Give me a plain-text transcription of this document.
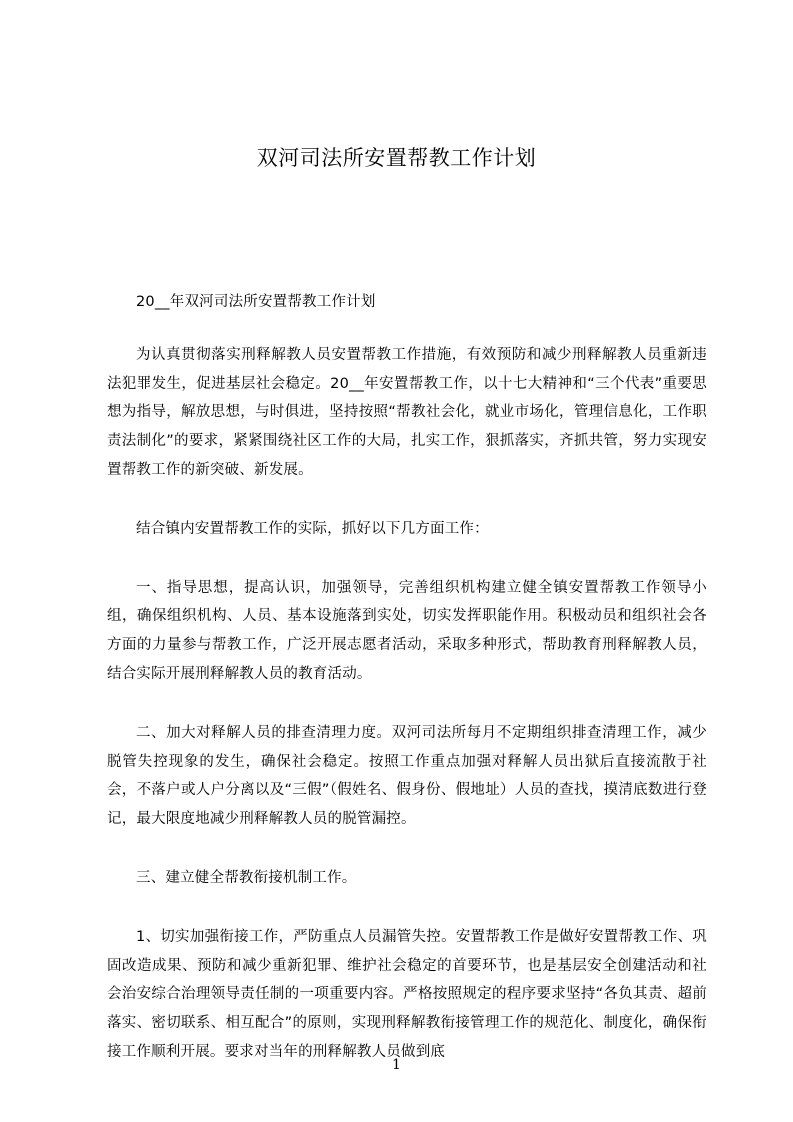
双河司法所安置帮教工作计划

20__年双河司法所安置帮教工作计划

为认真贯彻落实刑释解教人员安置帮教工作措施，有效预防和减少刑释解教人员重新违法犯罪发生，促进基层社会稳定。20__年安置帮教工作，以十七大精神和“三个代表”重要思想为指导，解放思想，与时俱进，坚持按照“帮教社会化，就业市场化，管理信息化，工作职责法制化”的要求，紧紧围绕社区工作的大局，扎实工作，狠抓落实，齐抓共管，努力实现安置帮教工作的新突破、新发展。

结合镇内安置帮教工作的实际，抓好以下几方面工作：

一、指导思想，提高认识，加强领导，完善组织机构建立健全镇安置帮教工作领导小组，确保组织机构、人员、基本设施落到实处，切实发挥职能作用。积极动员和组织社会各方面的力量参与帮教工作，广泛开展志愿者活动，采取多种形式，帮助教育刑释解教人员，结合实际开展刑释解教人员的教育活动。

二、加大对释解人员的排查清理力度。双河司法所每月不定期组织排查清理工作，减少脱管失控现象的发生，确保社会稳定。按照工作重点加强对释解人员出狱后直接流散于社会，不落户或人户分离以及“三假”（假姓名、假身份、假地址）人员的查找，摸清底数进行登记，最大限度地减少刑释解教人员的脱管漏控。

三、建立健全帮教衔接机制工作。

1、切实加强衔接工作，严防重点人员漏管失控。安置帮教工作是做好安置帮教工作、巩固改造成果、预防和减少重新犯罪、维护社会稳定的首要环节，也是基层安全创建活动和社会治安综合治理领导责任制的一项重要内容。严格按照规定的程序要求坚持“各负其责、超前落实、密切联系、相互配合”的原则，实现刑释解教衔接管理工作的规范化、制度化，确保衔接工作顺利开展。要求对当年的刑释解教人员做到底

1
